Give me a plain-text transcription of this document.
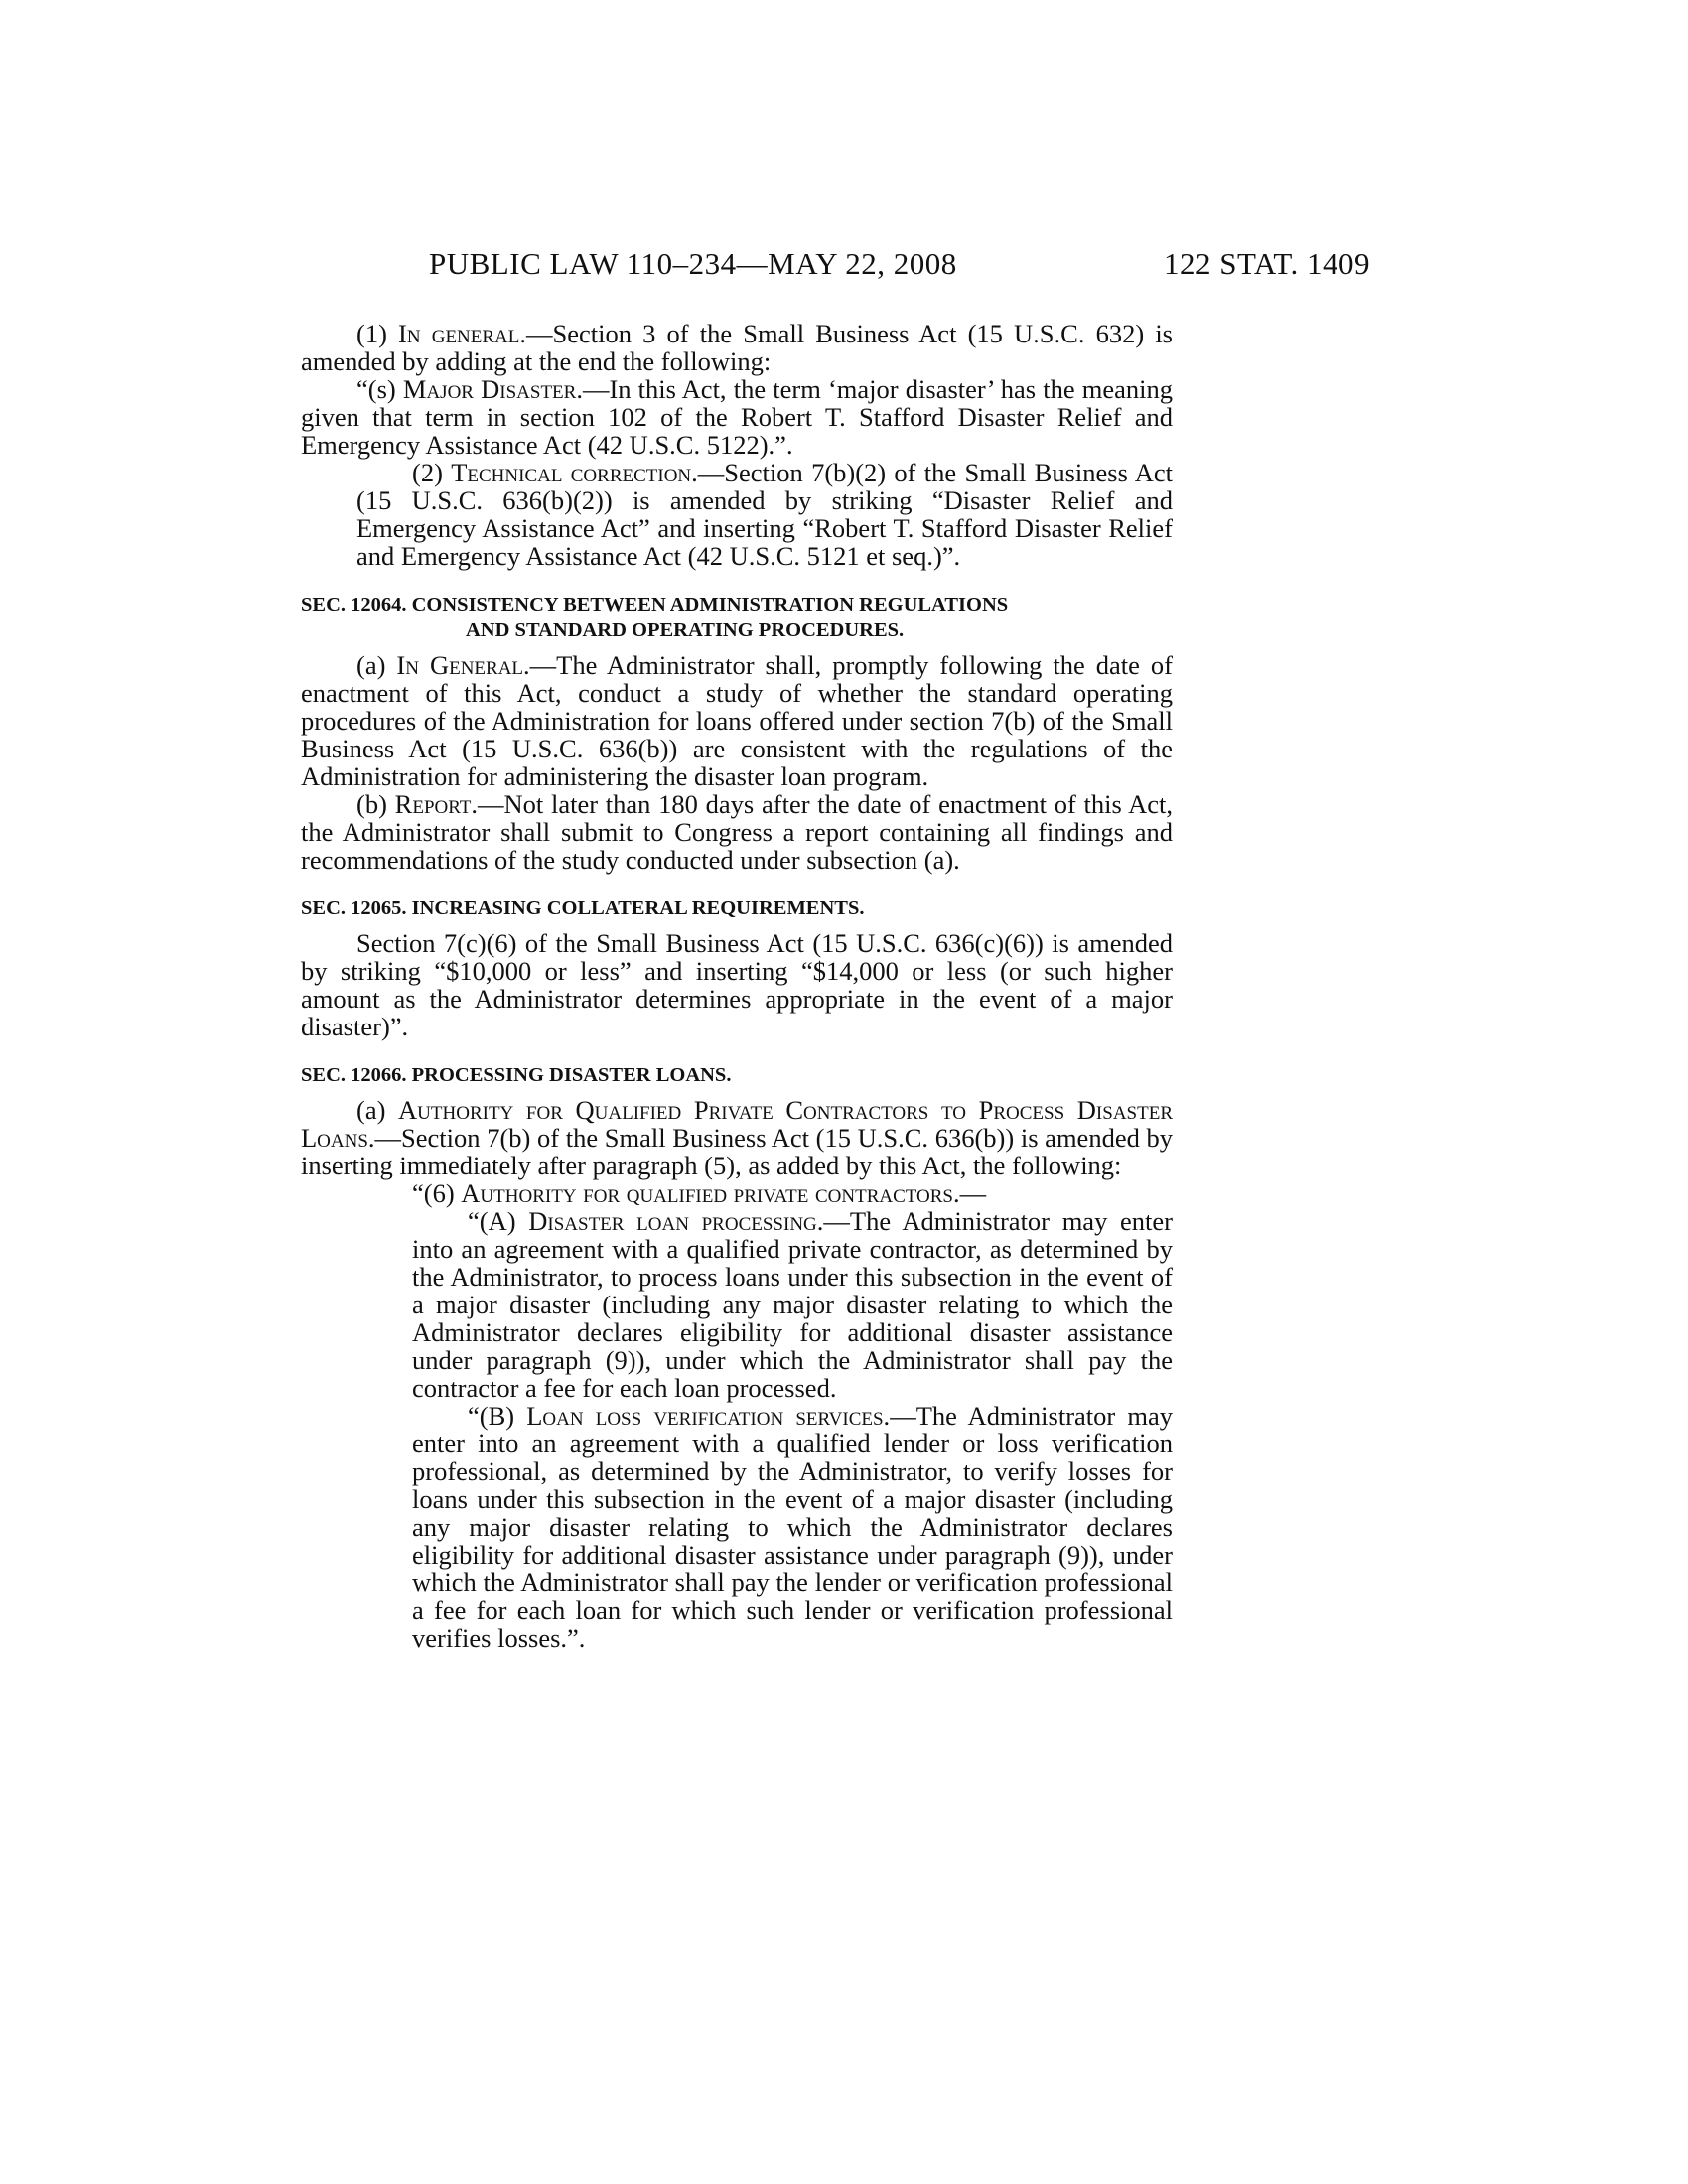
PUBLIC LAW 110–234—MAY 22, 2008	122 STAT. 1409

(1) In general.—Section 3 of the Small Business Act (15 U.S.C. 632) is amended by adding at the end the following:

“(s) Major Disaster.—In this Act, the term ‘major disaster’ has the meaning given that term in section 102 of the Robert T. Stafford Disaster Relief and Emergency Assistance Act (42 U.S.C. 5122).”.

(2) Technical correction.—Section 7(b)(2) of the Small Business Act (15 U.S.C. 636(b)(2)) is amended by striking “Disaster Relief and Emergency Assistance Act” and inserting “Robert T. Stafford Disaster Relief and Emergency Assistance Act (42 U.S.C. 5121 et seq.)”.

SEC. 12064. CONSISTENCY BETWEEN ADMINISTRATION REGULATIONS
AND STANDARD OPERATING PROCEDURES.

(a) In General.—The Administrator shall, promptly following the date of enactment of this Act, conduct a study of whether the standard operating procedures of the Administration for loans offered under section 7(b) of the Small Business Act (15 U.S.C. 636(b)) are consistent with the regulations of the Administration for administering the disaster loan program.

(b) Report.—Not later than 180 days after the date of enactment of this Act, the Administrator shall submit to Congress a report containing all findings and recommendations of the study conducted under subsection (a).

SEC. 12065. INCREASING COLLATERAL REQUIREMENTS.

Section 7(c)(6) of the Small Business Act (15 U.S.C. 636(c)(6)) is amended by striking “$10,000 or less” and inserting “$14,000 or less (or such higher amount as the Administrator determines appropriate in the event of a major disaster)”.

SEC. 12066. PROCESSING DISASTER LOANS.

(a) Authority for Qualified Private Contractors to Process Disaster Loans.—Section 7(b) of the Small Business Act (15 U.S.C. 636(b)) is amended by inserting immediately after paragraph (5), as added by this Act, the following:

“(6) Authority for qualified private contractors.—

“(A) Disaster loan processing.—The Administrator may enter into an agreement with a qualified private contractor, as determined by the Administrator, to process loans under this subsection in the event of a major disaster (including any major disaster relating to which the Administrator declares eligibility for additional disaster assistance under paragraph (9)), under which the Administrator shall pay the contractor a fee for each loan processed.

“(B) Loan loss verification services.—The Administrator may enter into an agreement with a qualified lender or loss verification professional, as determined by the Administrator, to verify losses for loans under this subsection in the event of a major disaster (including any major disaster relating to which the Administrator declares eligibility for additional disaster assistance under paragraph (9)), under which the Administrator shall pay the lender or verification professional a fee for each loan for which such lender or verification professional verifies losses.”.
